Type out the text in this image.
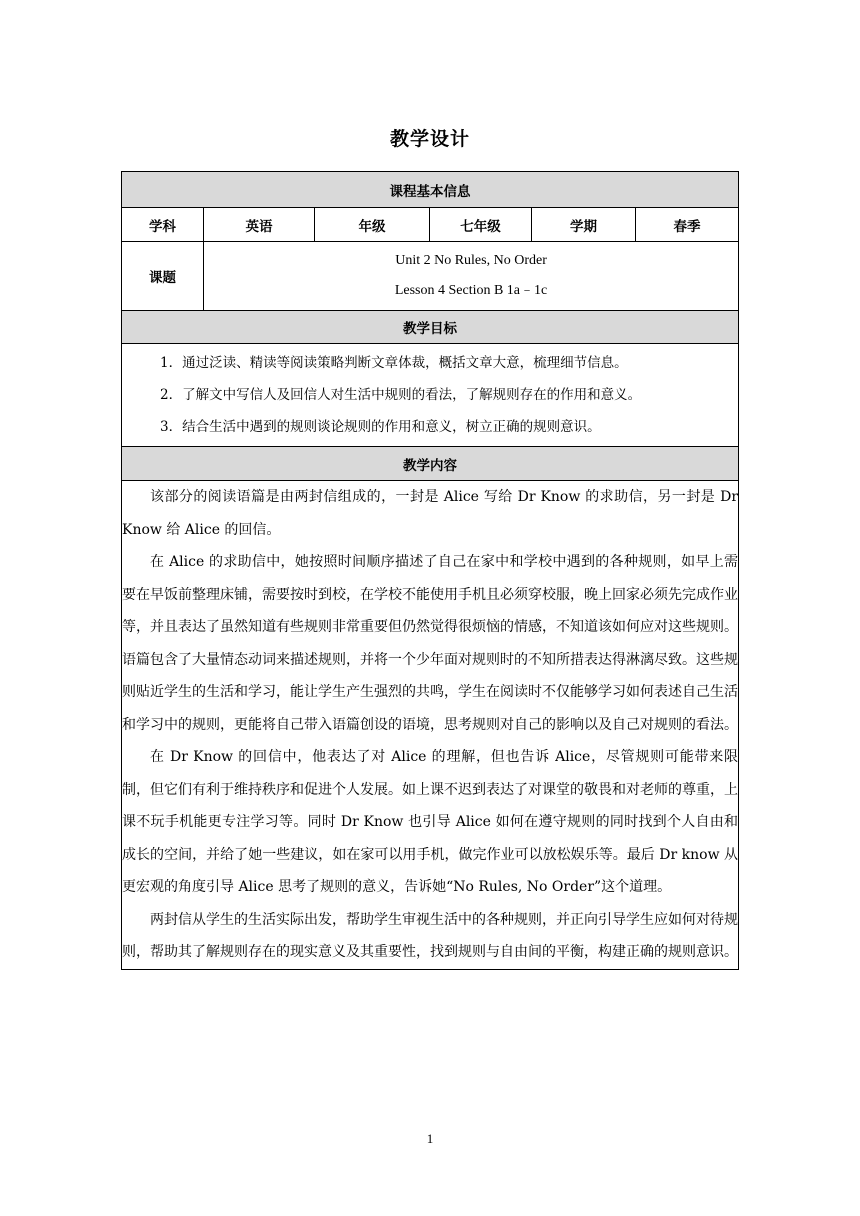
教学设计
课程基本信息					
学科	英语	年级	七年级	学期	春季
课题	Unit 2 No Rules, No Order
Lesson 4 Section B 1a﹣1c				

教学目标					

1．通过泛读、精读等阅读策略判断文章体裁，概括文章大意，梳理细节信息。
2．了解文中写信人及回信人对生活中规则的看法，了解规则存在的作用和意义。
3．结合生活中遇到的规则谈论规则的作用和意义，树立正确的规则意识。					

教学内容					

该部分的阅读语篇是由两封信组成的，一封是 Alice 写给 Dr Know 的求助信，另一封是 Dr Know 给 Alice 的回信。

在 Alice 的求助信中，她按照时间顺序描述了自己在家中和学校中遇到的各种规则，如早上需要在早饭前整理床铺，需要按时到校，在学校不能使用手机且必须穿校服，晚上回家必须先完成作业等，并且表达了虽然知道有些规则非常重要但仍然觉得很烦恼的情感，不知道该如何应对这些规则。语篇包含了大量情态动词来描述规则，并将一个少年面对规则时的不知所措表达得淋漓尽致。这些规则贴近学生的生活和学习，能让学生产生强烈的共鸣，学生在阅读时不仅能够学习如何表述自己生活和学习中的规则，更能将自己带入语篇创设的语境，思考规则对自己的影响以及自己对规则的看法。

在 Dr Know 的回信中，他表达了对 Alice 的理解，但也告诉 Alice，尽管规则可能带来限制，但它们有利于维持秩序和促进个人发展。如上课不迟到表达了对课堂的敬畏和对老师的尊重，上课不玩手机能更专注学习等。同时 Dr Know 也引导 Alice 如何在遵守规则的同时找到个人自由和成长的空间，并给了她一些建议，如在家可以用手机，做完作业可以放松娱乐等。最后 Dr know 从更宏观的角度引导 Alice 思考了规则的意义，告诉她“No Rules, No Order”这个道理。

两封信从学生的生活实际出发，帮助学生审视生活中的各种规则，并正向引导学生应如何对待规则，帮助其了解规则存在的现实意义及其重要性，找到规则与自由间的平衡，构建正确的规则意识。					

1
